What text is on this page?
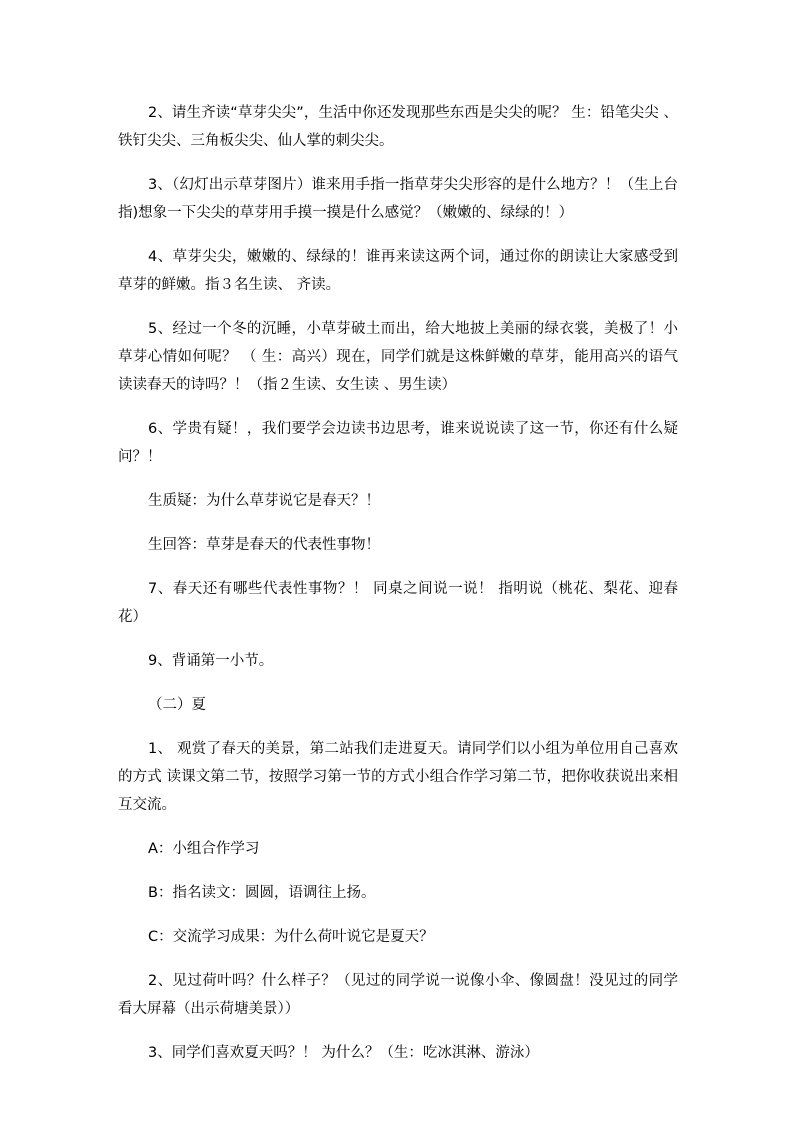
2、请生齐读“草芽尖尖”，生活中你还发现那些东西是尖尖的呢？ 生：铅笔尖尖 、铁钉尖尖、三角板尖尖、仙人掌的刺尖尖。

3、（幻灯出示草芽图片）谁来用手指一指草芽尖尖形容的是什么地方？！（生上台指)想象一下尖尖的草芽用手摸一摸是什么感觉？（嫩嫩的、绿绿的！）

4、草芽尖尖，嫩嫩的、绿绿的！谁再来读这两个词，通过你的朗读让大家感受到草芽的鲜嫩。指３名生读、 齐读。

5、经过一个冬的沉睡，小草芽破土而出，给大地披上美丽的绿衣裳，美极了！小草芽心情如何呢？ （ 生：高兴）现在，同学们就是这株鲜嫩的草芽，能用高兴的语气读读春天的诗吗？！（指２生读、女生读 、男生读）

6、学贵有疑！，我们要学会边读书边思考，谁来说说读了这一节，你还有什么疑问？！

生质疑：为什么草芽说它是春天？！

生回答：草芽是春天的代表性事物！

7、春天还有哪些代表性事物？！ 同桌之间说一说！ 指明说（桃花、梨花、迎春花）

9、背诵第一小节。

（二）夏

1、 观赏了春天的美景，第二站我们走进夏天。请同学们以小组为单位用自己喜欢的方式 读课文第二节，按照学习第一节的方式小组合作学习第二节，把你收获说出来相互交流。

A：小组合作学习

B：指名读文：圆圆，语调往上扬。

C：交流学习成果：为什么荷叶说它是夏天？

2、见过荷叶吗？什么样子？（见过的同学说一说像小伞、像圆盘！没见过的同学看大屏幕（出示荷塘美景））

3、同学们喜欢夏天吗？！ 为什么？（生：吃冰淇淋、游泳）
